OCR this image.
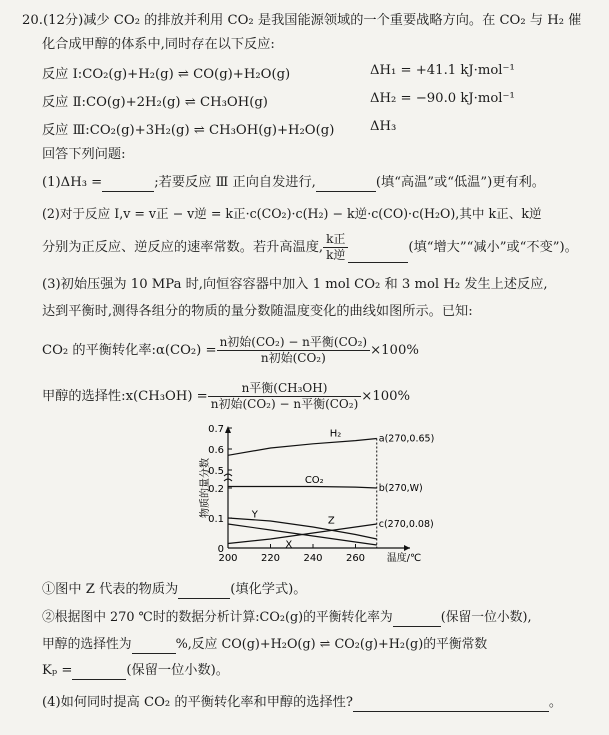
20.(12分)减少 CO₂ 的排放并利用 CO₂ 是我国能源领域的一个重要战略方向。在 CO₂ 与 H₂ 催
化合成甲醇的体系中,同时存在以下反应:
反应 Ⅰ:CO₂(g)+H₂(g) ⇌ CO(g)+H₂O(g)	ΔH₁ = +41.1 kJ·mol⁻¹
反应 Ⅱ:CO(g)+2H₂(g) ⇌ CH₃OH(g)	ΔH₂ = −90.0 kJ·mol⁻¹
反应 Ⅲ:CO₂(g)+3H₂(g) ⇌ CH₃OH(g)+H₂O(g)	ΔH₃
回答下列问题:
(1)ΔH₃ =	;若要反应 Ⅲ 正向自发进行,	(填“高温”或“低温”)更有利。
(2)对于反应 Ⅰ,v = v正 − v逆 = k正·c(CO₂)·c(H₂) − k逆·c(CO)·c(H₂O),其中 k正、k逆
分别为正反应、逆反应的速率常数。若升高温度, $\frac{\text{k正}}{\text{k逆}}$	(填“增大”“减小”或“不变”)。
(3)初始压强为 10 MPa 时,向恒容容器中加入 1 mol CO₂ 和 3 mol H₂ 发生上述反应,
达到平衡时,测得各组分的物质的量分数随温度变化的曲线如图所示。已知:
CO₂ 的平衡转化率:α(CO₂) = $\frac{\text{n初始(CO₂) − n平衡(CO₂)}}{\text{n初始(CO₂)}} \times 100\%$
甲醇的选择性:x(CH₃OH) = $\frac{\text{n平衡(CH₃OH)}}{\text{n初始(CO₂) − n平衡(CO₂)}} \times 100\%$
0.7
0.6
0.5
0.2
0.1
0
200 220 240 260 温度/℃
物质的量分数
H₂
CO₂
Y
Z
X
a(270,0.65)
b(270,W)
c(270,0.08)
①图中 Z 代表的物质为	(填化学式)。
②根据图中 270 ℃时的数据分析计算:CO₂(g)的平衡转化率为	(保留一位小数),
甲醇的选择性为	%,反应 CO(g)+H₂O(g) ⇌ CO₂(g)+H₂(g)的平衡常数
Kₚ =	(保留一位小数)。
(4)如何同时提高 CO₂ 的平衡转化率和甲醇的选择性?	。
